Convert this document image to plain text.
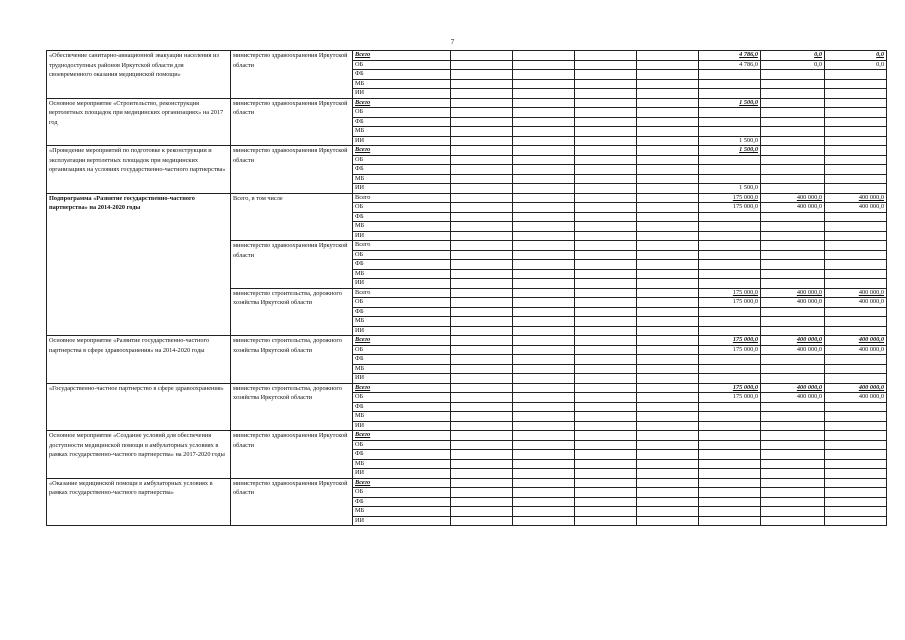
7
«Обеспечение санитарно-авиационной эвакуации населения из труднодоступных районов Иркутской области для своевременного оказания медицинской помощи»	министерство здравоохранения Иркутской области	Всего					4 786,0	0,0	0,0	
		ОБ					4 786,0	0,0	0,0	
		ФБ								
		МБ								
		ИИ								
Основное мероприятие «Строительство, реконструкция вертолетных площадок при медицинских организациях» на 2017 год	министерство здравоохранения Иркутской области	Всего					1 500,0			
		ОБ								
		ФБ								
		МБ								
		ИИ					1 500,0			
«Проведение мероприятий по подготовке к реконструкции и эксплуатации вертолетных площадок при медицинских организациях на условиях государственно-частного партнерства»	министерство здравоохранения Иркутской области	Всего					1 500,0			
		ОБ								
		ФБ								
		МБ								
		ИИ					1 500,0			
Подпрограмма «Развитие государственно-частного партнерства» на 2014-2020 годы	Всего, в том числе	Всего					175 000,0	400 000,0	400 000,0	
		ОБ					175 000,0	400 000,0	400 000,0	
		ФБ								
		МБ								
		ИИ								
	министерство здравоохранения Иркутской области	Всего								
		ОБ								
		ФБ								
		МБ								
		ИИ								
	министерство строительства, дорожного хозяйства Иркутской области	Всего					175 000,0	400 000,0	400 000,0	
		ОБ					175 000,0	400 000,0	400 000,0	
		ФБ								
		МБ								
		ИИ								
Основное мероприятие «Развитие государственно-частного партнерства в сфере здравоохранения» на 2014-2020 годы	министерство строительства, дорожного хозяйства Иркутской области	Всего					175 000,0	400 000,0	400 000,0	
		ОБ					175 000,0	400 000,0	400 000,0	
		ФБ								
		МБ								
		ИИ								
«Государственно-частное партнерство в сфере здравоохранения»	министерство строительства, дорожного хозяйства Иркутской области	Всего					175 000,0	400 000,0	400 000,0	
		ОБ					175 000,0	400 000,0	400 000,0	
		ФБ								
		МБ								
		ИИ								
Основное мероприятие «Создание условий для обеспечения доступности медицинской помощи в амбулаторных условиях в рамках государственно-частного партнерства» на 2017-2020 годы	министерство здравоохранения Иркутской области	Всего								
		ОБ								
		ФБ								
		МБ								
		ИИ								
«Оказание медицинской помощи в амбулаторных условиях в рамках государственно-частного партнерства»	министерство здравоохранения Иркутской области	Всего								
		ОБ								
		ФБ								
		МБ								
		ИИ								
